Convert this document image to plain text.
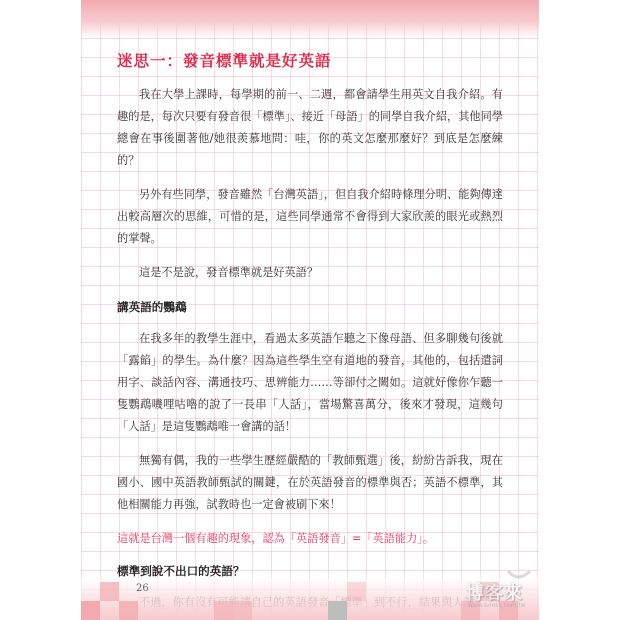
迷思一：發音標準就是好英語

我在大學上課時，每學期的前一、二週，都會請學生用英文自我介紹。有趣的是，每次只要有發音很「標準」、接近「母語」的同學自我介紹，其他同學總會在事後圍著他/她很羨慕地問：哇，你的英文怎麼那麼好？到底是怎麼練的？

另外有些同學，發音雖然「台灣英語」，但自我介紹時條理分明、能夠傳達出較高層次的思維，可惜的是，這些同學通常不會得到大家欣羨的眼光或熱烈的掌聲。

這是不是說，發音標準就是好英語？

講英語的鸚鵡

在我多年的教學生涯中，看過太多英語乍聽之下像母語、但多聊幾句後就「露餡」的學生。為什麼？因為這些學生空有道地的發音，其他的，包括遣詞用字、談話內容、溝通技巧、思辨能力……等卻付之闕如。這就好像你乍聽一隻鸚鵡嘰哩咕嚕的說了一長串「人話」，當場驚喜萬分，後來才發現，這幾句「人話」是這隻鸚鵡唯一會講的話！

無獨有偶，我的一些學生歷經嚴酷的「教師甄選」後，紛紛告訴我，現在國小、國中英語教師甄試的關鍵，在於英語發音的標準與否；英語不標準，其他相關能力再強，試教時也一定會被刷下來！

這就是台灣一個有趣的現象，認為「英語發音」=「英語能力」。
標準到說不出口的英語？

26	博客來
www.books.com.tw
